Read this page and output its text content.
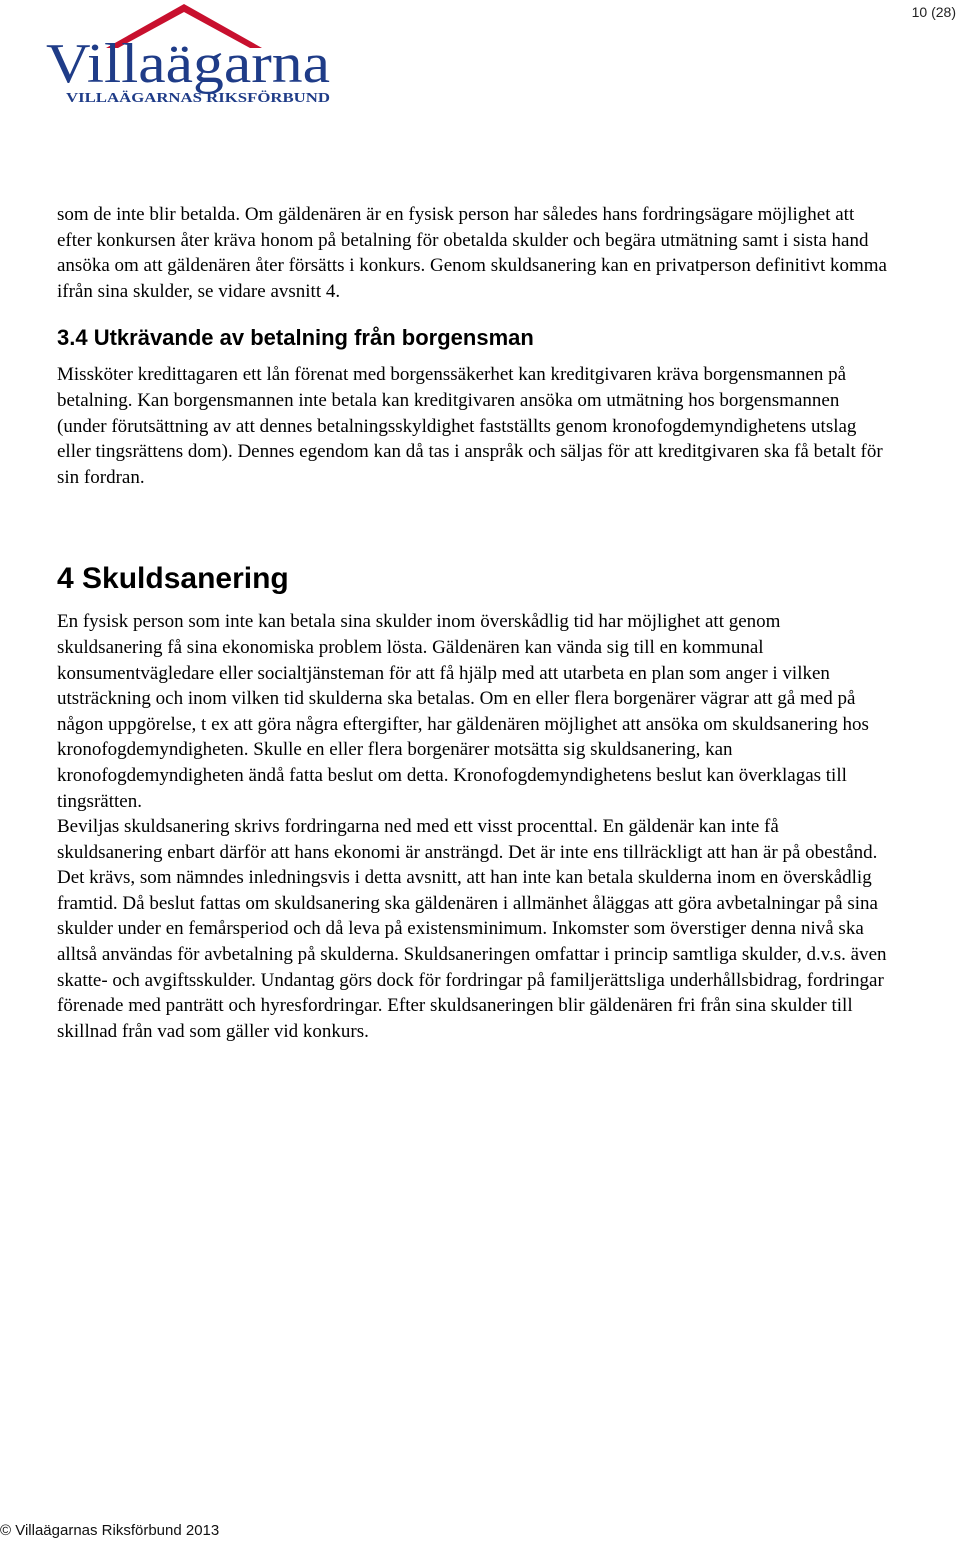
10 (28)
Villaägarna
VILLAÄGARNAS RIKSFÖRBUND

som de inte blir betalda. Om gäldenären är en fysisk person har således hans fordringsägare möjlighet att efter konkursen åter kräva honom på betalning för obetalda skulder och begära utmätning samt i sista hand ansöka om att gäldenären åter försätts i konkurs. Genom skuldsanering kan en privatperson definitivt komma ifrån sina skulder, se vidare avsnitt 4.

3.4 Utkrävande av betalning från borgensman

Missköter kredittagaren ett lån förenat med borgenssäkerhet kan kreditgivaren kräva borgensmannen på betalning. Kan borgensmannen inte betala kan kreditgivaren ansöka om utmätning hos borgensmannen (under förutsättning av att dennes betalningsskyldighet fastställts genom kronofogdemyndighetens utslag eller tingsrättens dom). Dennes egendom kan då tas i anspråk och säljas för att kreditgivaren ska få betalt för sin fordran.

4 Skuldsanering

En fysisk person som inte kan betala sina skulder inom överskådlig tid har möjlighet att genom skuldsanering få sina ekonomiska problem lösta. Gäldenären kan vända sig till en kommunal konsumentvägledare eller socialtjänsteman för att få hjälp med att utarbeta en plan som anger i vilken utsträckning och inom vilken tid skulderna ska betalas. Om en eller flera borgenärer vägrar att gå med på någon uppgörelse, t ex att göra några eftergifter, har gäldenären möjlighet att ansöka om skuldsanering hos kronofogdemyndigheten. Skulle en eller flera borgenärer motsätta sig skuldsanering, kan kronofogdemyndigheten ändå fatta beslut om detta. Kronofogdemyndighetens beslut kan överklagas till tingsrätten.

Beviljas skuldsanering skrivs fordringarna ned med ett visst procenttal. En gäldenär kan inte få skuldsanering enbart därför att hans ekonomi är ansträngd. Det är inte ens tillräckligt att han är på obestånd. Det krävs, som nämndes inledningsvis i detta avsnitt, att han inte kan betala skulderna inom en överskådlig framtid. Då beslut fattas om skuldsanering ska gäldenären i allmänhet åläggas att göra avbetalningar på sina skulder under en femårsperiod och då leva på existensminimum. Inkomster som överstiger denna nivå ska alltså användas för avbetalning på skulderna. Skuldsaneringen omfattar i princip samtliga skulder, d.v.s. även skatte- och avgiftsskulder. Undantag görs dock för fordringar på familjerättsliga underhållsbidrag, fordringar förenade med panträtt och hyresfordringar. Efter skuldsaneringen blir gäldenären fri från sina skulder till skillnad från vad som gäller vid konkurs.

© Villaägarnas Riksförbund 2013
